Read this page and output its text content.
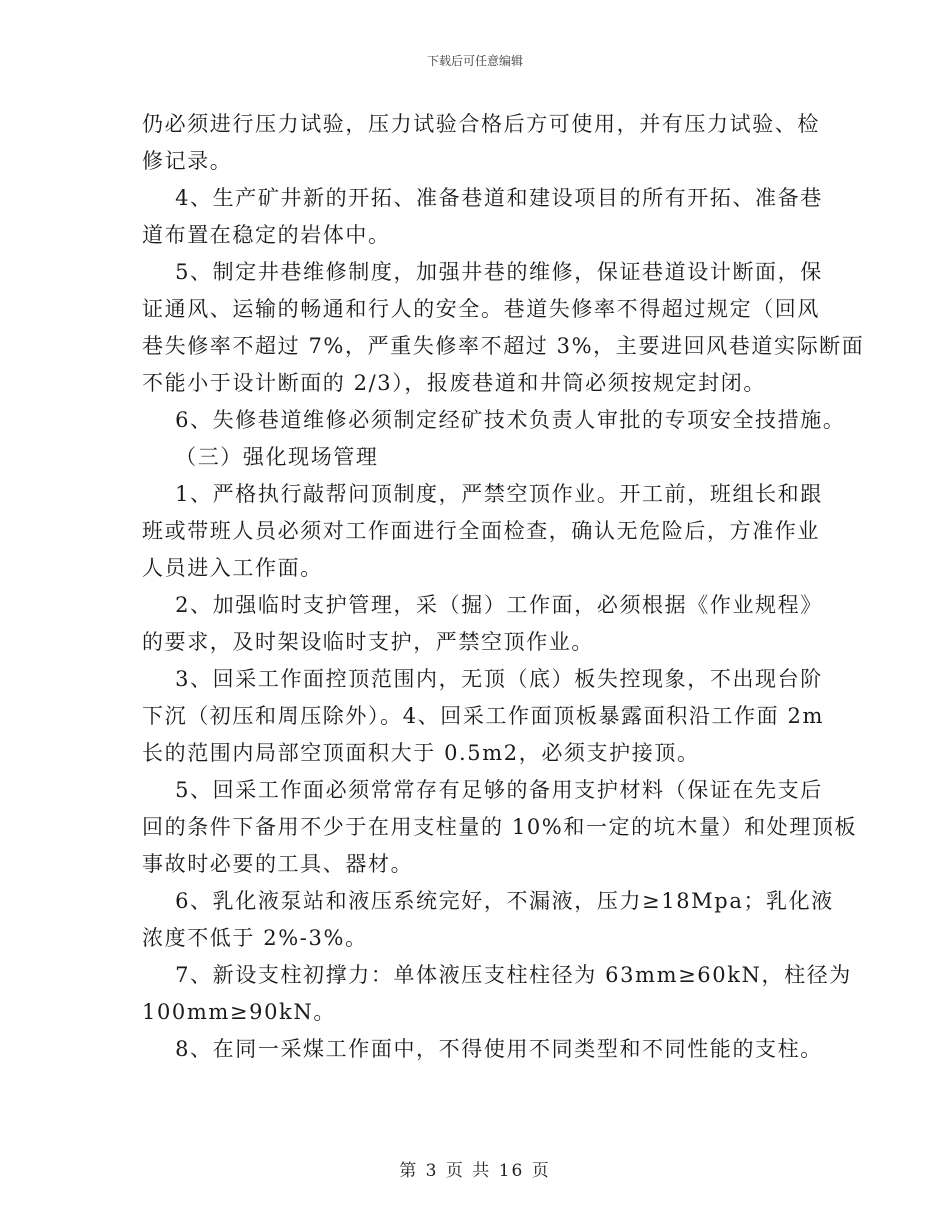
下载后可任意编辑
仍必须进行压力试验，压力试验合格后方可使用，并有压力试验、检
修记录。
4、生产矿井新的开拓、准备巷道和建设项目的所有开拓、准备巷
道布置在稳定的岩体中。
5、制定井巷维修制度，加强井巷的维修，保证巷道设计断面，保
证通风、运输的畅通和行人的安全。巷道失修率不得超过规定（回风
巷失修率不超过 7%，严重失修率不超过 3%，主要进回风巷道实际断面
不能小于设计断面的 2/3），报废巷道和井筒必须按规定封闭。
6、失修巷道维修必须制定经矿技术负责人审批的专项安全技措施。
（三）强化现场管理
1、严格执行敲帮问顶制度，严禁空顶作业。开工前，班组长和跟
班或带班人员必须对工作面进行全面检查，确认无危险后，方准作业
人员进入工作面。
2、加强临时支护管理，采（掘）工作面，必须根据《作业规程》
的要求，及时架设临时支护，严禁空顶作业。
3、回采工作面控顶范围内，无顶（底）板失控现象，不出现台阶
下沉（初压和周压除外）。4、回采工作面顶板暴露面积沿工作面 2m
长的范围内局部空顶面积大于 0.5m2，必须支护接顶。
5、回采工作面必须常常存有足够的备用支护材料（保证在先支后
回的条件下备用不少于在用支柱量的 10%和一定的坑木量）和处理顶板
事故时必要的工具、器材。
6、乳化液泵站和液压系统完好，不漏液，压力≥18Mpa；乳化液
浓度不低于 2%-3%。
7、新设支柱初撑力：单体液压支柱柱径为 63mm≥60kN，柱径为
100mm≥90kN。
8、在同一采煤工作面中，不得使用不同类型和不同性能的支柱。
第 3 页 共 16 页
